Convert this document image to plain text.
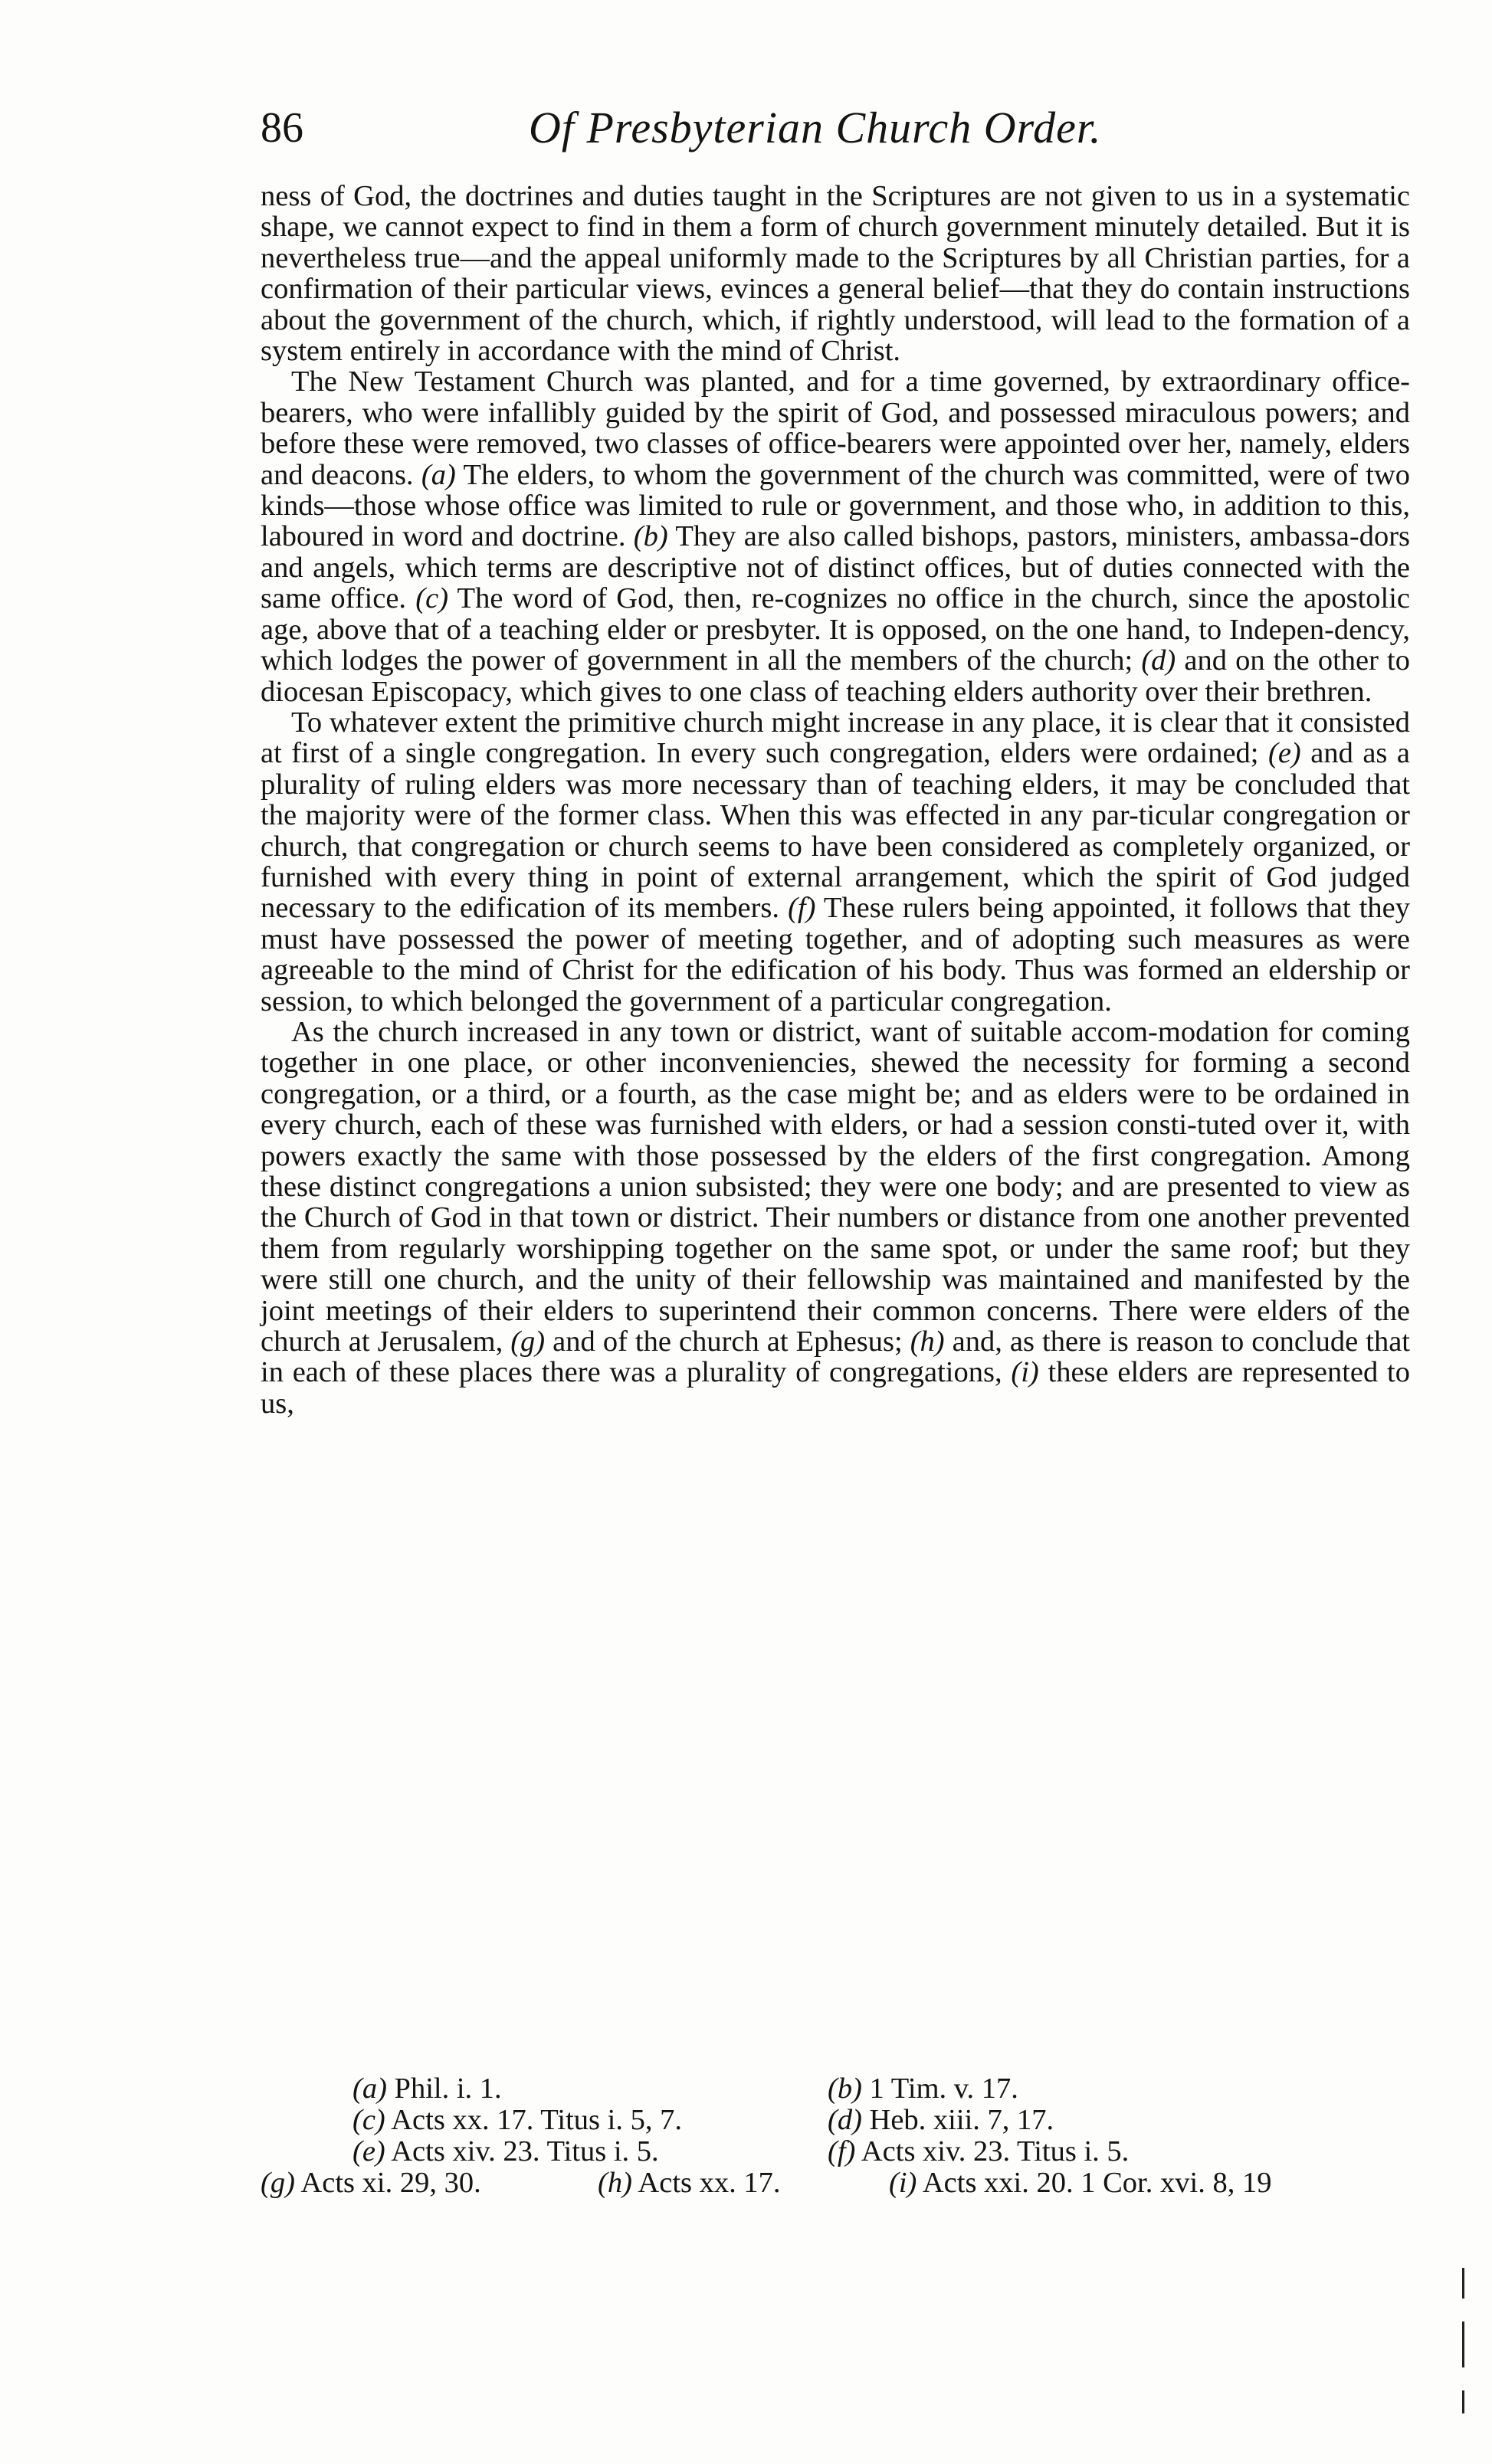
86	Of Presbyterian Church Order.

ness of God, the doctrines and duties taught in the Scriptures are not given to us in a systematic shape, we cannot expect to find in them a form of church government minutely detailed. But it is nevertheless true—and the appeal uniformly made to the Scriptures by all Christian parties, for a confirmation of their particular views, evinces a general belief—that they do contain instructions about the government of the church, which, if rightly understood, will lead to the formation of a system entirely in accordance with the mind of Christ.

The New Testament Church was planted, and for a time governed, by extraordinary office-bearers, who were infallibly guided by the spirit of God, and possessed miraculous powers; and before these were removed, two classes of office-bearers were appointed over her, namely, elders and deacons. (a) The elders, to whom the government of the church was committed, were of two kinds—those whose office was limited to rule or government, and those who, in addition to this, laboured in word and doctrine. (b) They are also called bishops, pastors, ministers, ambassa-dors and angels, which terms are descriptive not of distinct offices, but of duties connected with the same office. (c) The word of God, then, re-cognizes no office in the church, since the apostolic age, above that of a teaching elder or presbyter. It is opposed, on the one hand, to Indepen-dency, which lodges the power of government in all the members of the church; (d) and on the other to diocesan Episcopacy, which gives to one class of teaching elders authority over their brethren.

To whatever extent the primitive church might increase in any place, it is clear that it consisted at first of a single congregation. In every such congregation, elders were ordained; (e) and as a plurality of ruling elders was more necessary than of teaching elders, it may be concluded that the majority were of the former class. When this was effected in any par-ticular congregation or church, that congregation or church seems to have been considered as completely organized, or furnished with every thing in point of external arrangement, which the spirit of God judged necessary to the edification of its members. (f) These rulers being appointed, it follows that they must have possessed the power of meeting together, and of adopting such measures as were agreeable to the mind of Christ for the edification of his body. Thus was formed an eldership or session, to which belonged the government of a particular congregation.

As the church increased in any town or district, want of suitable accom-modation for coming together in one place, or other inconveniencies, shewed the necessity for forming a second congregation, or a third, or a fourth, as the case might be; and as elders were to be ordained in every church, each of these was furnished with elders, or had a session consti-tuted over it, with powers exactly the same with those possessed by the elders of the first congregation. Among these distinct congregations a union subsisted; they were one body; and are presented to view as the Church of God in that town or district. Their numbers or distance from one another prevented them from regularly worshipping together on the same spot, or under the same roof; but they were still one church, and the unity of their fellowship was maintained and manifested by the joint meetings of their elders to superintend their common concerns. There were elders of the church at Jerusalem, (g) and of the church at Ephesus; (h) and, as there is reason to conclude that in each of these places there was a plurality of congregations, (i) these elders are represented to us,

(a) Phil. i. 1.	(b) 1 Tim. v. 17.
(c) Acts xx. 17. Titus i. 5, 7.	(d) Heb. xiii. 7, 17.
(e) Acts xiv. 23. Titus i. 5.	(f) Acts xiv. 23. Titus i. 5.
(g) Acts xi. 29, 30.	(h) Acts xx. 17.	(i) Acts xxi. 20. 1 Cor. xvi. 8, 19
